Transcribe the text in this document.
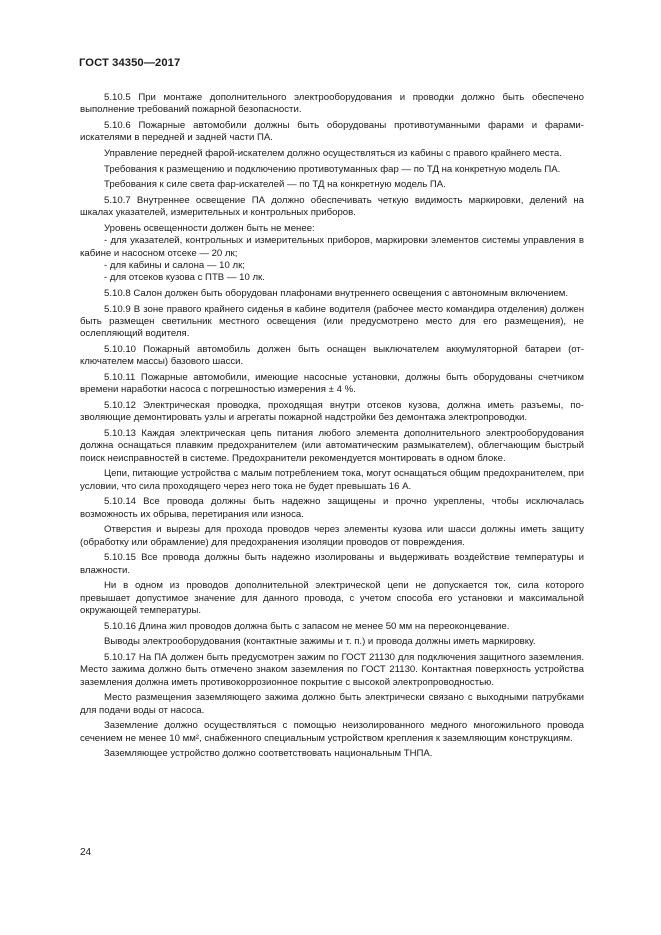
ГОСТ 34350—2017

5.10.5 При монтаже дополнительного электрооборудования и проводки должно быть обеспечено выполнение требований пожарной безопасности.

5.10.6 Пожарные автомобили должны быть оборудованы противотуманными фарами и фарами-искателями в передней и задней части ПА.

Управление передней фарой-искателем должно осуществляться из кабины с правого крайнего места.

Требования к размещению и подключению противотуманных фар — по ТД на конкретную модель ПА.

Требования к силе света фар-искателей — по ТД на конкретную модель ПА.

5.10.7 Внутреннее освещение ПА должно обеспечивать четкую видимость маркировки, делений на шкалах указателей, измерительных и контрольных приборов.

Уровень освещенности должен быть не менее:

- для указателей, контрольных и измерительных приборов, маркировки элементов системы управления в кабине и насосном отсеке — 20 лк;

- для кабины и салона — 10 лк;

- для отсеков кузова с ПТВ — 10 лк.

5.10.8 Салон должен быть оборудован плафонами внутреннего освещения с автономным включением.

5.10.9 В зоне правого крайнего сиденья в кабине водителя (рабочее место командира отделения) должен быть размещен светильник местного освещения (или предусмотрено место для его размещения), не ослепляющий водителя.

5.10.10 Пожарный автомобиль должен быть оснащен выключателем аккумуляторной батареи (отключателем массы) базового шасси.

5.10.11 Пожарные автомобили, имеющие насосные установки, должны быть оборудованы счетчиком времени наработки насоса с погрешностью измерения ± 4 %.

5.10.12 Электрическая проводка, проходящая внутри отсеков кузова, должна иметь разъемы, позволяющие демонтировать узлы и агрегаты пожарной надстройки без демонтажа электропроводки.

5.10.13 Каждая электрическая цепь питания любого элемента дополнительного электрооборудования должна оснащаться плавким предохранителем (или автоматическим размыкателем), облегчающим быстрый поиск неисправностей в системе. Предохранители рекомендуется монтировать в одном блоке.

Цепи, питающие устройства с малым потреблением тока, могут оснащаться общим предохранителем, при условии, что сила проходящего через него тока не будет превышать 16 А.

5.10.14 Все провода должны быть надежно защищены и прочно укреплены, чтобы исключалась возможность их обрыва, перетирания или износа.

Отверстия и вырезы для прохода проводов через элементы кузова или шасси должны иметь защиту (обработку или обрамление) для предохранения изоляции проводов от повреждения.

5.10.15 Все провода должны быть надежно изолированы и выдерживать воздействие температуры и влажности.

Ни в одном из проводов дополнительной электрической цепи не допускается ток, сила которого превышает допустимое значение для данного провода, с учетом способа его установки и максимальной окружающей температуры.

5.10.16 Длина жил проводов должна быть с запасом не менее 50 мм на переоконцевание.

Выводы электрооборудования (контактные зажимы и т. п.) и провода должны иметь маркировку.

5.10.17 На ПА должен быть предусмотрен зажим по ГОСТ 21130 для подключения защитного заземления. Место зажима должно быть отмечено знаком заземления по ГОСТ 21130. Контактная поверхность устройства заземления должна иметь противокоррозионное покрытие с высокой электропроводностью.

Место размещения заземляющего зажима должно быть электрически связано с выходными патрубками для подачи воды от насоса.

Заземление должно осуществляться с помощью неизолированного медного многожильного провода сечением не менее 10 мм², снабженного специальным устройством крепления к заземляющим конструкциям.

Заземляющее устройство должно соответствовать национальным ТНПА.

24
